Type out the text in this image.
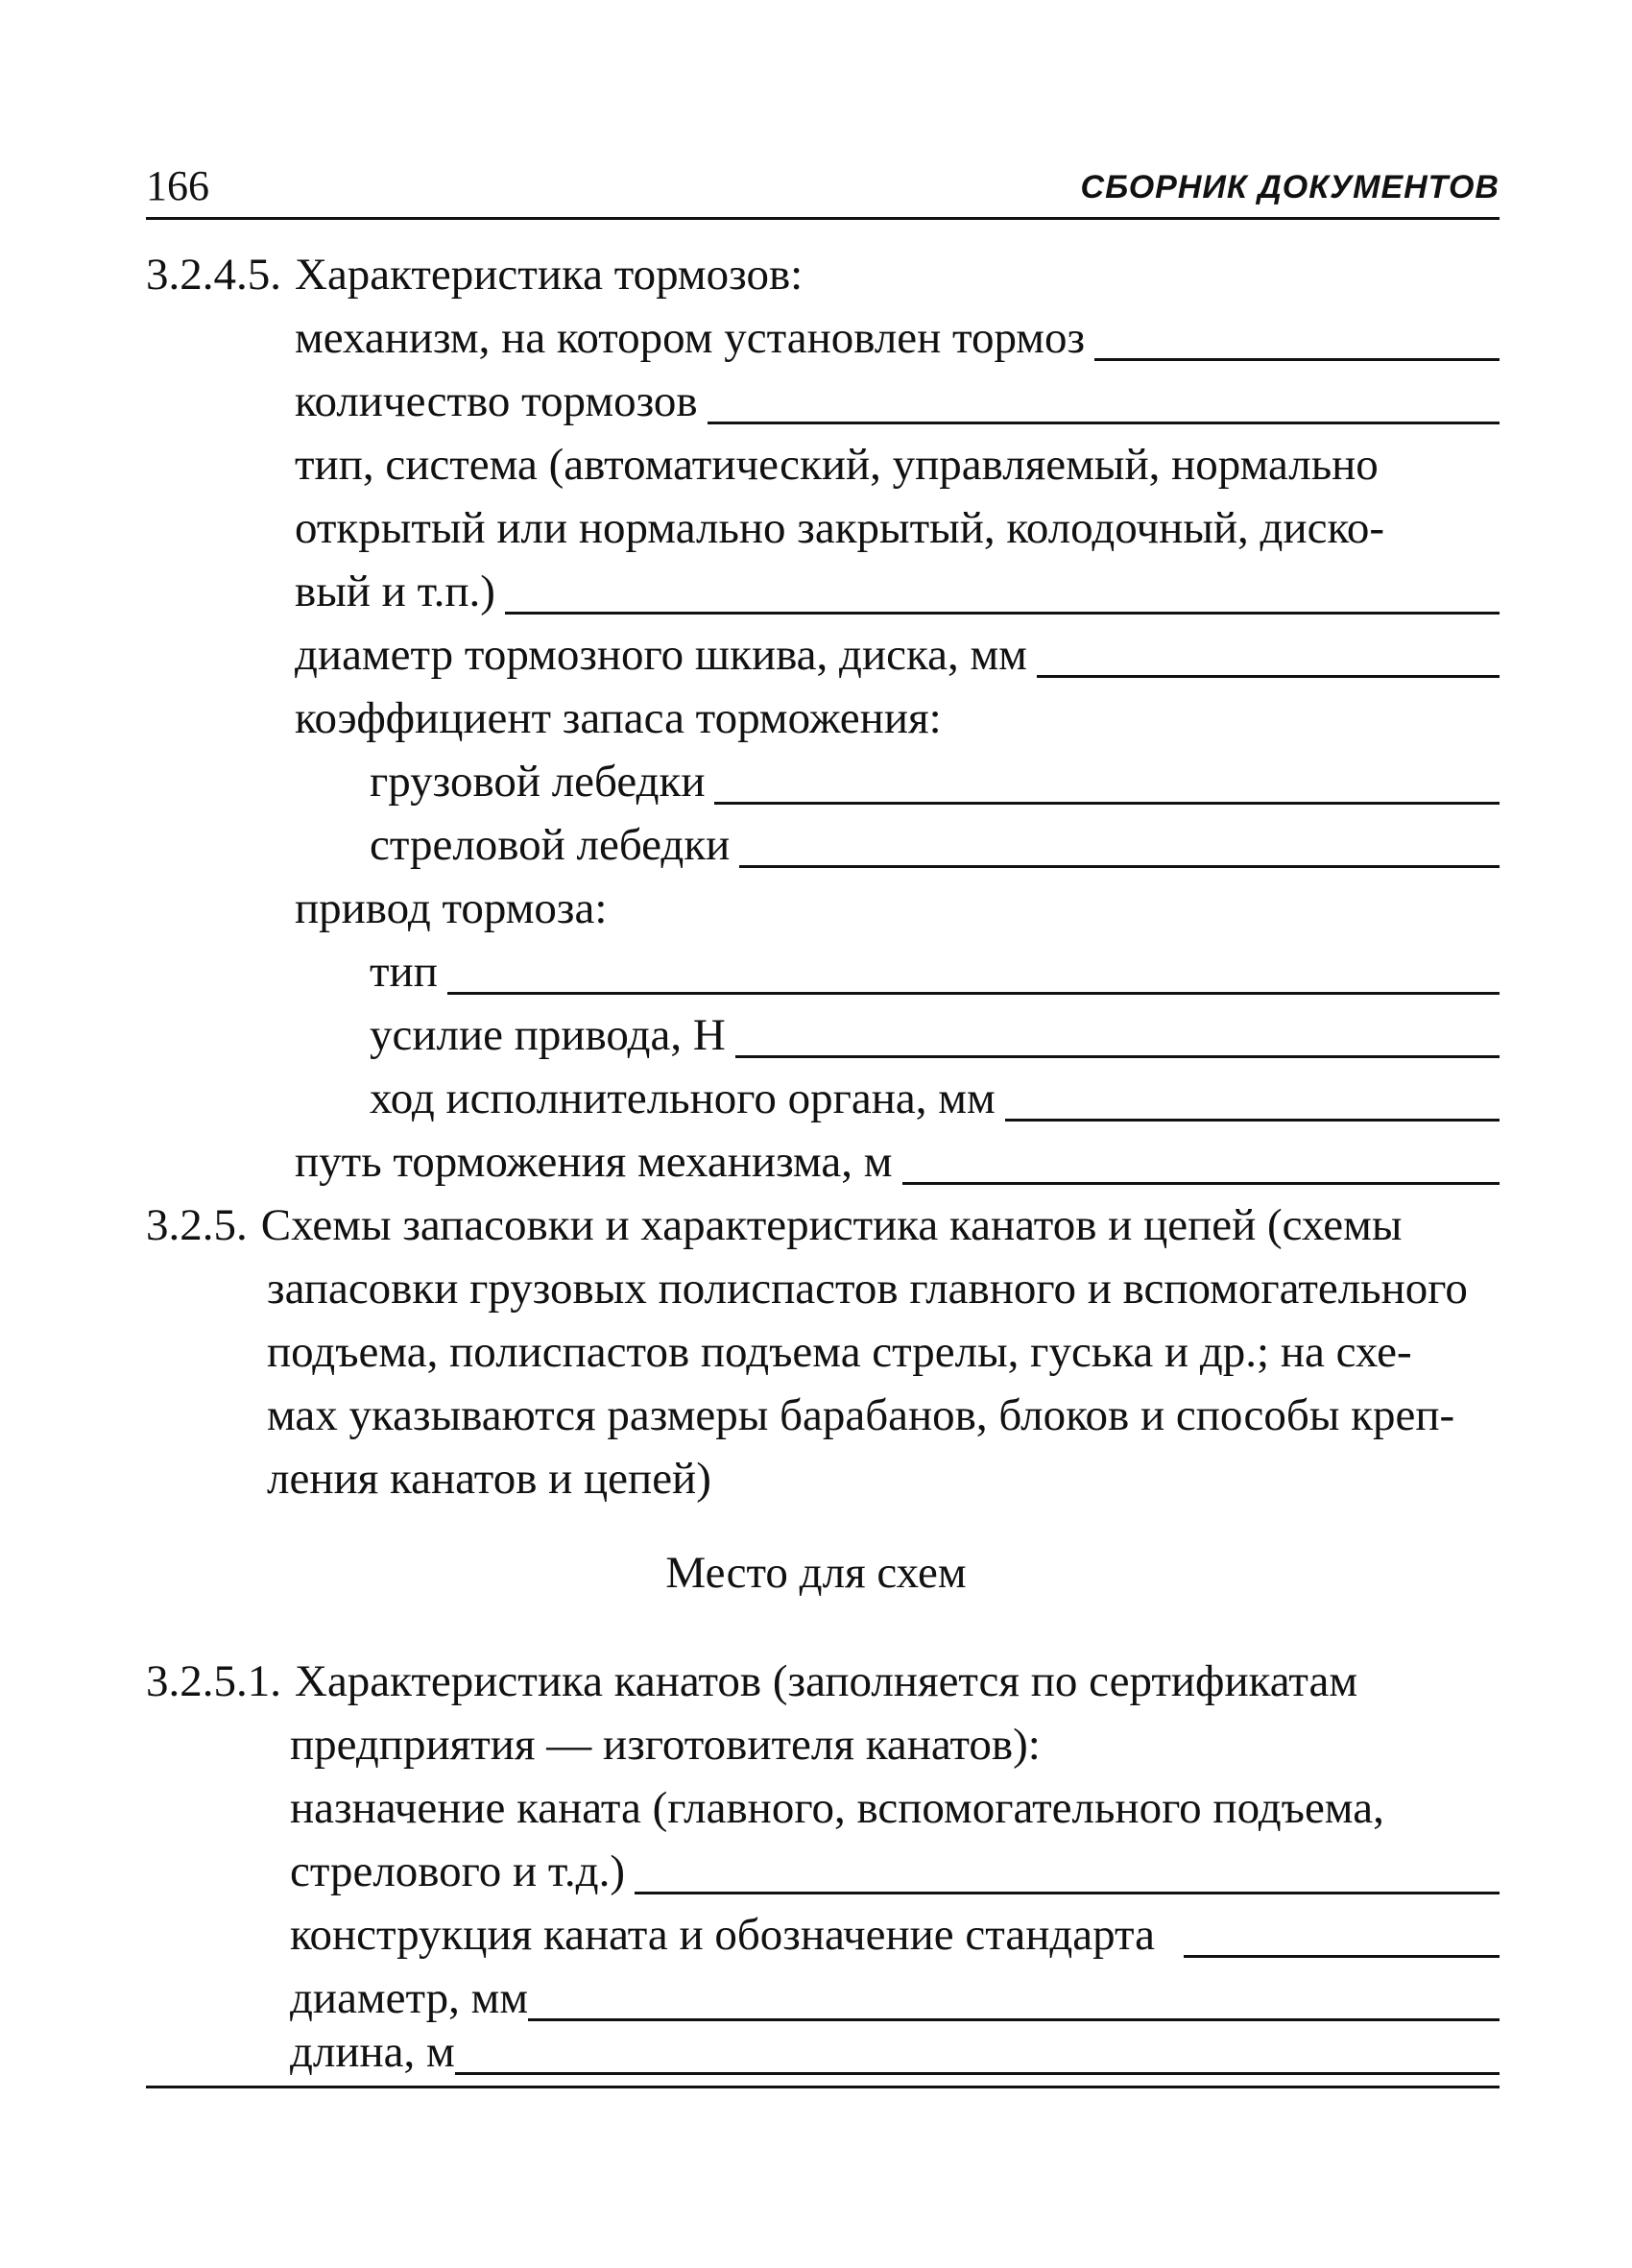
166	СБОРНИК ДОКУМЕНТОВ
3.2.4.5. Характеристика тормозов:
механизм, на котором установлен тормоз
количество тормозов
тип, система (автоматический, управляемый, нормально
открытый или нормально закрытый, колодочный, диско-
вый и т.п.)
диаметр тормозного шкива, диска, мм
коэффициент запаса торможения:
грузовой лебедки
стреловой лебедки
привод тормоза:
тип
усилие привода, Н
ход исполнительного органа, мм
путь торможения механизма, м
3.2.5. Схемы запасовки и характеристика канатов и цепей (схемы
запасовки грузовых полиспастов главного и вспомогательного
подъема, полиспастов подъема стрелы, гуська и др.; на схе-
мах указываются размеры барабанов, блоков и способы креп-
ления канатов и цепей)
Место для схем
3.2.5.1. Характеристика канатов (заполняется по сертификатам
предприятия — изготовителя канатов):
назначение каната (главного, вспомогательного подъема,
стрелового и т.д.)
конструкция каната и обозначение стандарта
диаметр, мм
длина, м
